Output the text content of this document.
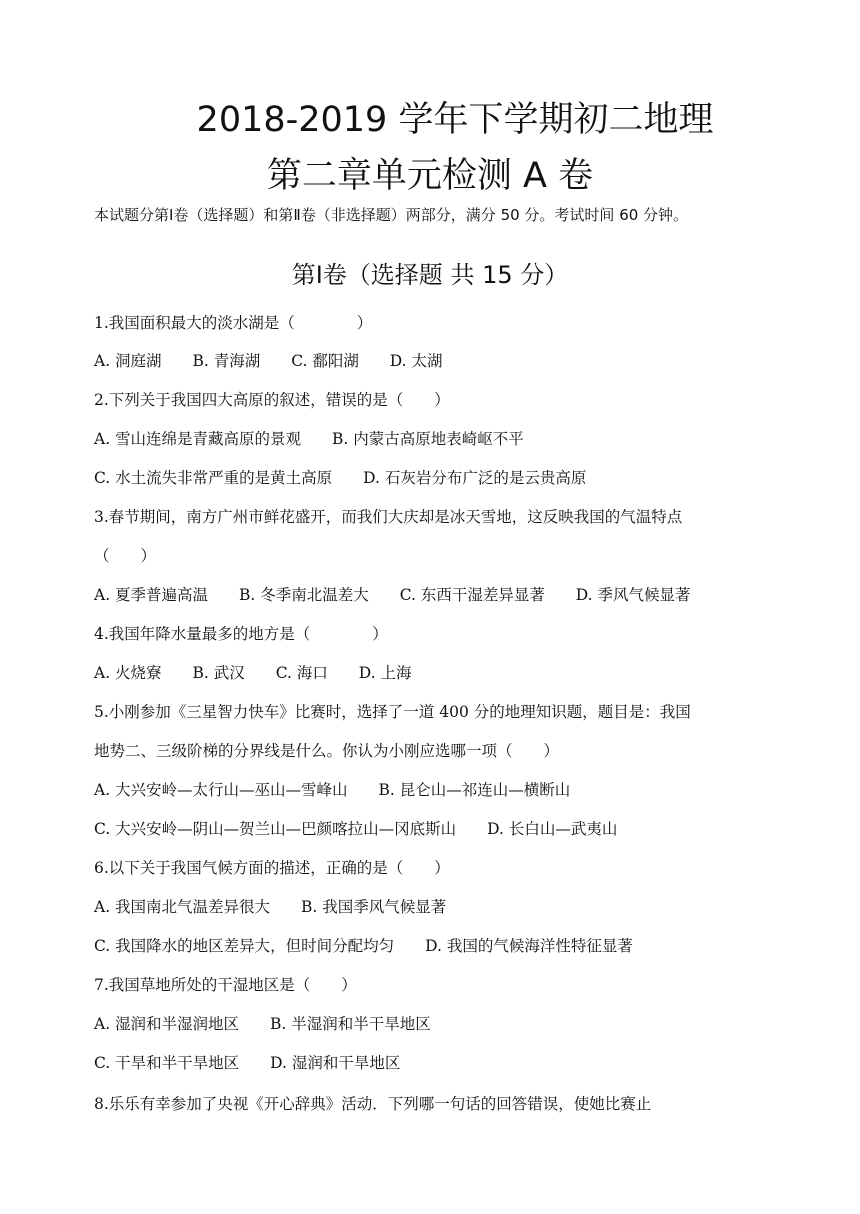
2018-2019 学年下学期初二地理
第二章单元检测 A 卷
本试题分第Ⅰ卷（选择题）和第Ⅱ卷（非选择题）两部分，满分 50 分。考试时间 60 分钟。
第Ⅰ卷（选择题 共 15 分）
1.我国面积最大的淡水湖是（　　　　）
A. 洞庭湖 B. 青海湖 C. 鄱阳湖 D. 太湖
2.下列关于我国四大高原的叙述，错误的是（　　）
A. 雪山连绵是青藏高原的景观 B. 内蒙古高原地表崎岖不平
C. 水土流失非常严重的是黄土高原 D. 石灰岩分布广泛的是云贵高原
3.春节期间，南方广州市鲜花盛开，而我们大庆却是冰天雪地，这反映我国的气温特点
（　　）
A. 夏季普遍高温 B. 冬季南北温差大 C. 东西干湿差异显著 D. 季风气候显著
4.我国年降水量最多的地方是（　　　　）
A. 火烧寮 B. 武汉 C. 海口 D. 上海
5.小刚参加《三星智力快车》比赛时，选择了一道 400 分的地理知识题，题目是：我国
地势二、三级阶梯的分界线是什么。你认为小刚应选哪一项（　　）
A. 大兴安岭—太行山—巫山—雪峰山 B. 昆仑山—祁连山—横断山
C. 大兴安岭—阴山—贺兰山—巴颜喀拉山—冈底斯山 D. 长白山—武夷山
6.以下关于我国气候方面的描述，正确的是（　　）
A. 我国南北气温差异很大 B. 我国季风气候显著
C. 我国降水的地区差异大，但时间分配均匀 D. 我国的气候海洋性特征显著
7.我国草地所处的干湿地区是（　　）
A. 湿润和半湿润地区 B. 半湿润和半干旱地区
C. 干旱和半干旱地区 D. 湿润和干旱地区
8.乐乐有幸参加了央视《开心辞典》活动．下列哪一句话的回答错误，使她比赛止
